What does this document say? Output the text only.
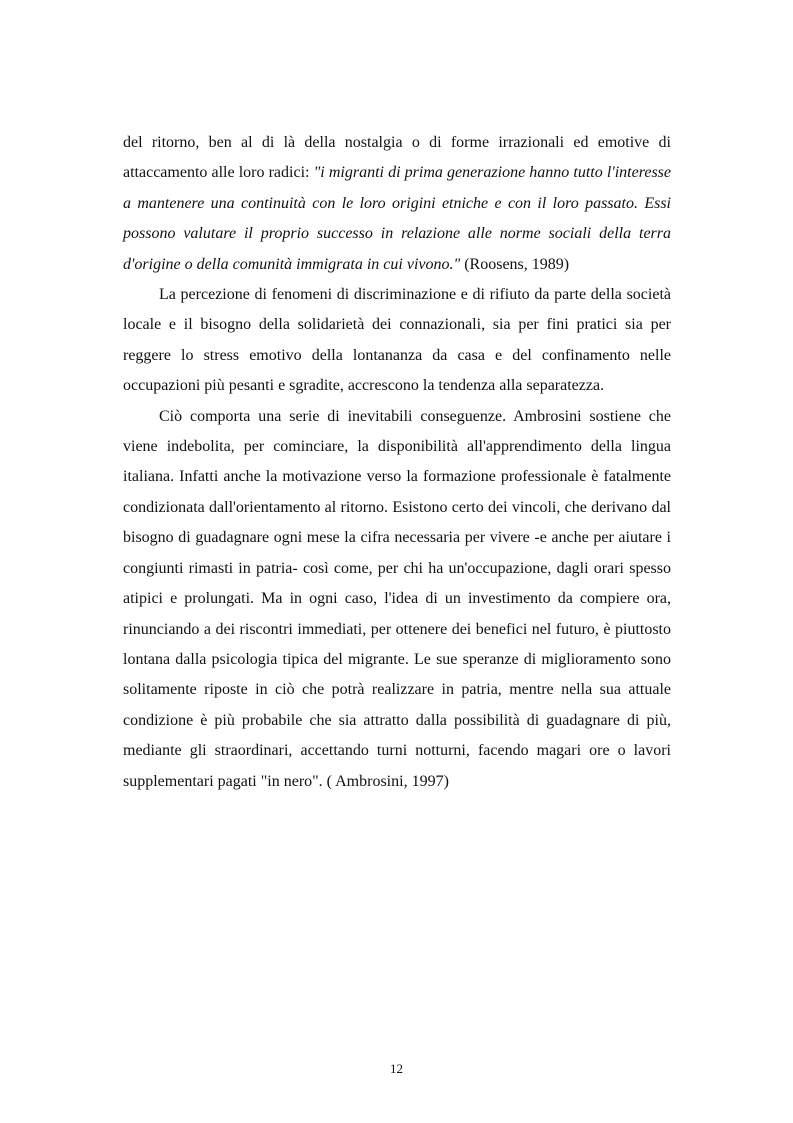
del ritorno, ben al di là della nostalgia o di forme irrazionali ed emotive di attaccamento alle loro radici: "i migranti di prima generazione hanno tutto l'interesse a mantenere una continuità con le loro origini etniche e con il loro passato. Essi possono valutare il proprio successo in relazione alle norme sociali della terra d'origine o della comunità immigrata in cui vivono." (Roosens, 1989)

La percezione di fenomeni di discriminazione e di rifiuto da parte della società locale e il bisogno della solidarietà dei connazionali, sia per fini pratici sia per reggere lo stress emotivo della lontananza da casa e del confinamento nelle occupazioni più pesanti e sgradite, accrescono la tendenza alla separatezza.

Ciò comporta una serie di inevitabili conseguenze. Ambrosini sostiene che viene indebolita, per cominciare, la disponibilità all'apprendimento della lingua italiana. Infatti anche la motivazione verso la formazione professionale è fatalmente condizionata dall'orientamento al ritorno. Esistono certo dei vincoli, che derivano dal bisogno di guadagnare ogni mese la cifra necessaria per vivere -e anche per aiutare i congiunti rimasti in patria- così come, per chi ha un'occupazione, dagli orari spesso atipici e prolungati. Ma in ogni caso, l'idea di un investimento da compiere ora, rinunciando a dei riscontri immediati, per ottenere dei benefici nel futuro, è piuttosto lontana dalla psicologia tipica del migrante. Le sue speranze di miglioramento sono solitamente riposte in ciò che potrà realizzare in patria, mentre nella sua attuale condizione è più probabile che sia attratto dalla possibilità di guadagnare di più, mediante gli straordinari, accettando turni notturni, facendo magari ore o lavori supplementari pagati "in nero". ( Ambrosini, 1997)

12
